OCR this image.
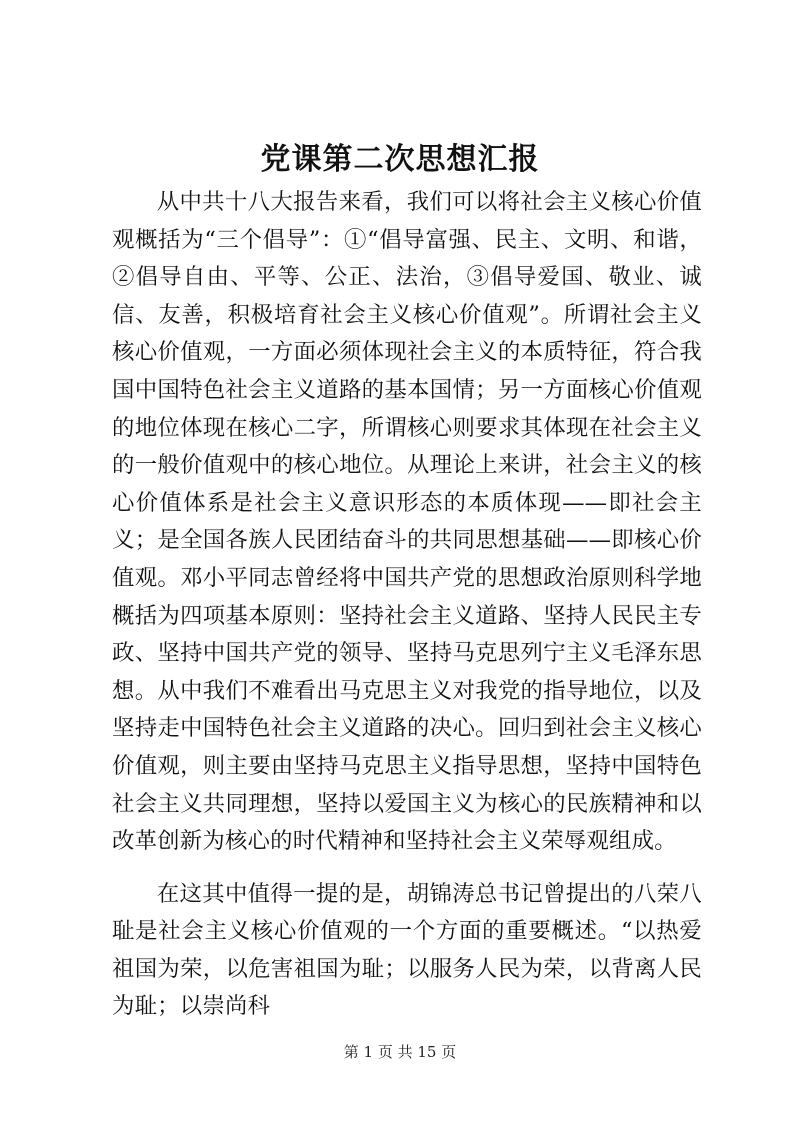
党课第二次思想汇报

从中共十八大报告来看，我们可以将社会主义核心价值观概括为“三个倡导”：①“倡导富强、民主、文明、和谐，②倡导自由、平等、公正、法治，③倡导爱国、敬业、诚信、友善，积极培育社会主义核心价值观”。所谓社会主义核心价值观，一方面必须体现社会主义的本质特征，符合我国中国特色社会主义道路的基本国情；另一方面核心价值观的地位体现在核心二字，所谓核心则要求其体现在社会主义的一般价值观中的核心地位。从理论上来讲，社会主义的核心价值体系是社会主义意识形态的本质体现——即社会主义；是全国各族人民团结奋斗的共同思想基础——即核心价值观。邓小平同志曾经将中国共产党的思想政治原则科学地概括为四项基本原则：坚持社会主义道路、坚持人民民主专政、坚持中国共产党的领导、坚持马克思列宁主义毛泽东思想。从中我们不难看出马克思主义对我党的指导地位，以及坚持走中国特色社会主义道路的决心。回归到社会主义核心价值观，则主要由坚持马克思主义指导思想，坚持中国特色社会主义共同理想，坚持以爱国主义为核心的民族精神和以改革创新为核心的时代精神和坚持社会主义荣辱观组成。

在这其中值得一提的是，胡锦涛总书记曾提出的八荣八耻是社会主义核心价值观的一个方面的重要概述。“以热爱祖国为荣，以危害祖国为耻；以服务人民为荣，以背离人民为耻；以崇尚科

第 1 页 共 15 页
